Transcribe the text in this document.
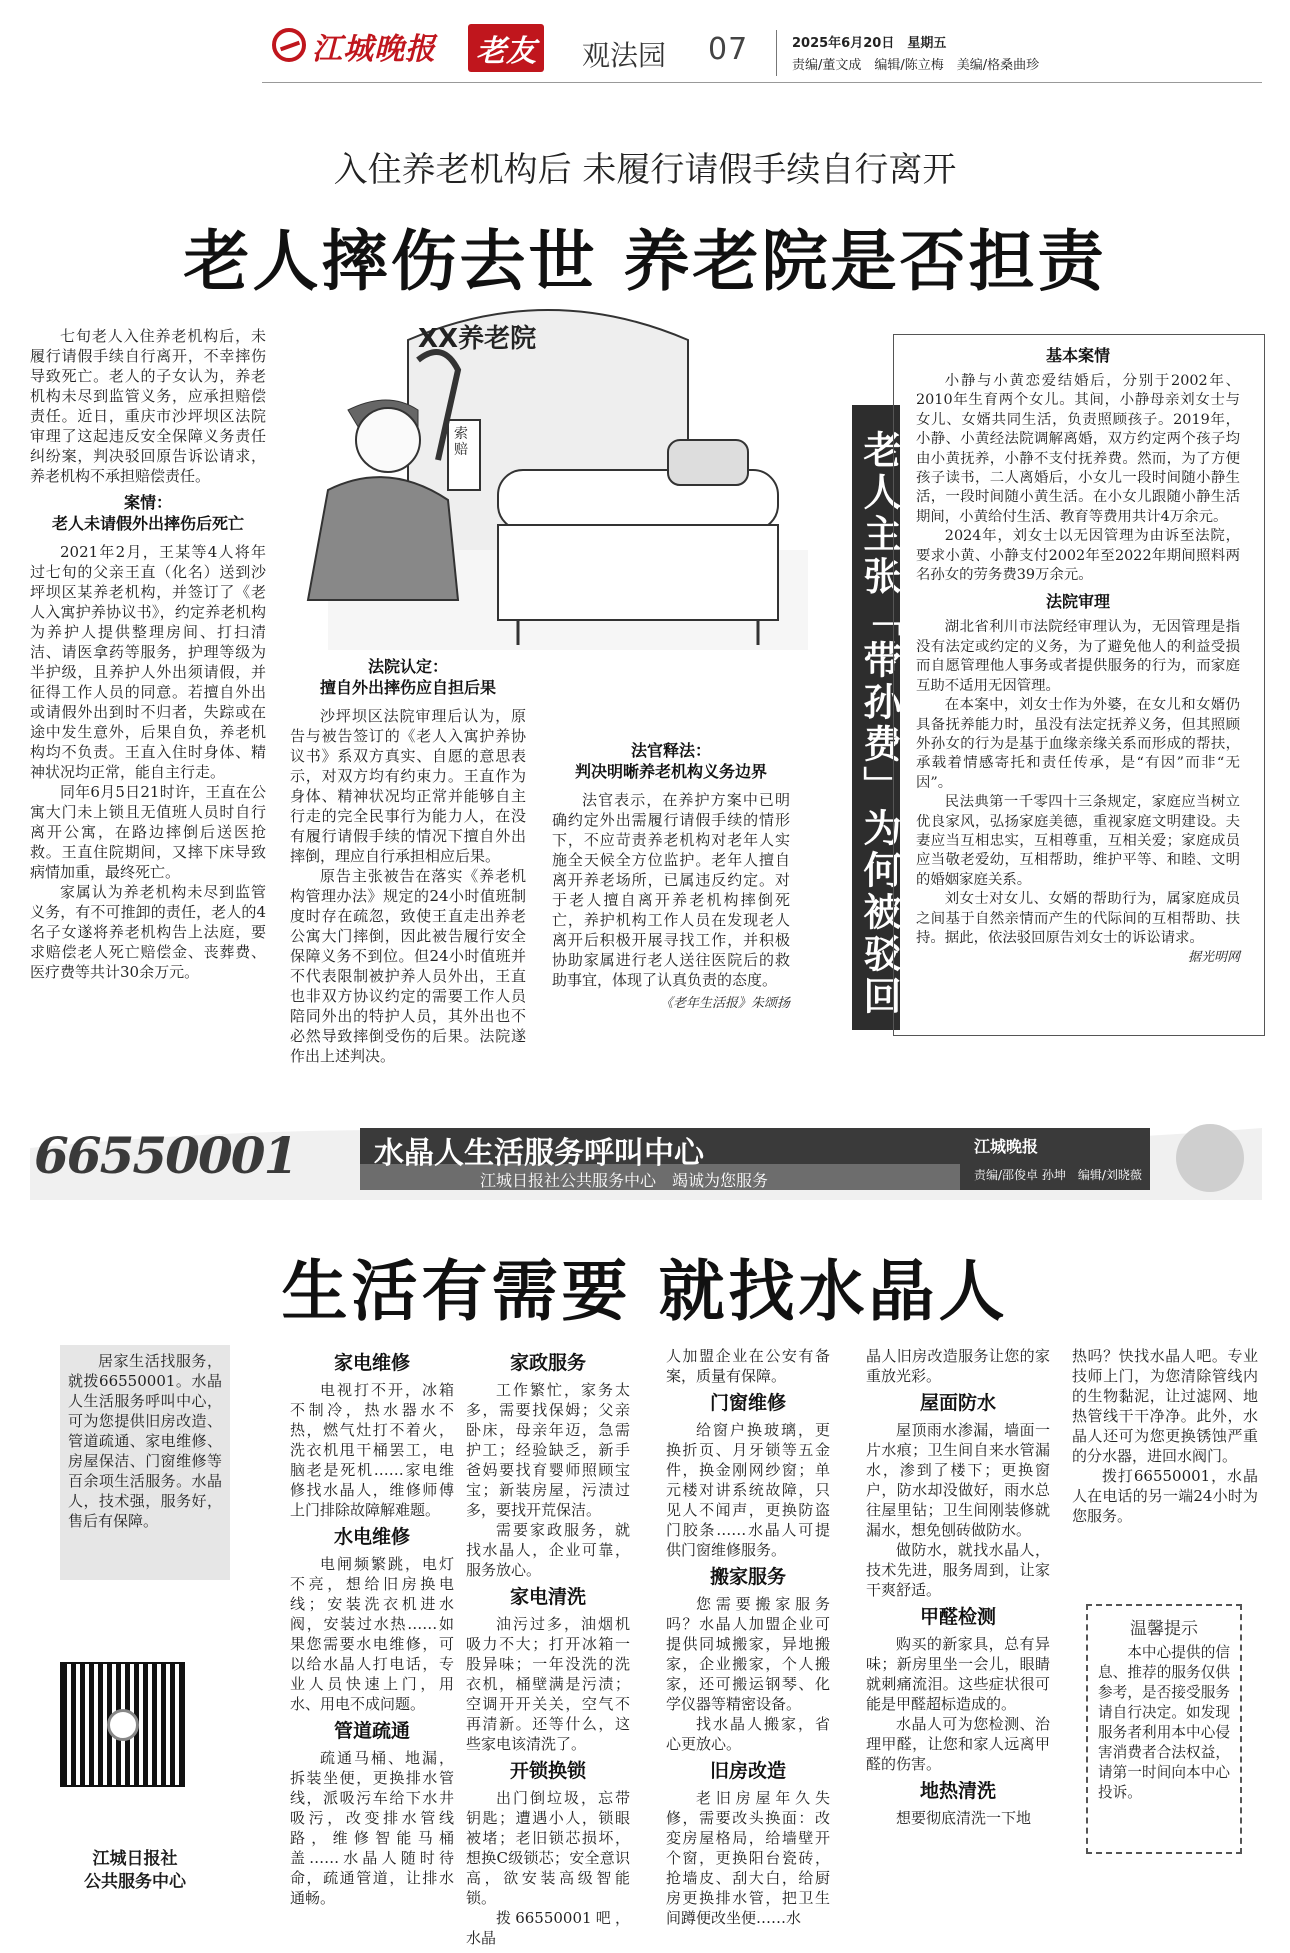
江城晚报 老友 观法园 07	2025年6月20日　星期五
责编/董文成　编辑/陈立梅　美编/格桑曲珍
入住养老机构后 未履行请假手续自行离开
老人摔伤去世 养老院是否担责
XX养老院
索赔

七旬老人入住养老机构后，未履行请假手续自行离开，不幸摔伤导致死亡。老人的子女认为，养老机构未尽到监管义务，应承担赔偿责任。近日，重庆市沙坪坝区法院审理了这起违反安全保障义务责任纠纷案，判决驳回原告诉讼请求，养老机构不承担赔偿责任。

案情：
老人未请假外出摔伤后死亡

2021年2月，王某等4人将年过七旬的父亲王直（化名）送到沙坪坝区某养老机构，并签订了《老人入寓护养协议书》，约定养老机构为养护人提供整理房间、打扫清洁、请医拿药等服务，护理等级为半护级，且养护人外出须请假，并征得工作人员的同意。若擅自外出或请假外出到时不归者，失踪或在途中发生意外，后果自负，养老机构均不负责。王直入住时身体、精神状况均正常，能自主行走。

同年6月5日21时许，王直在公寓大门未上锁且无值班人员时自行离开公寓，在路边摔倒后送医抢救。王直住院期间，又摔下床导致病情加重，最终死亡。

家属认为养老机构未尽到监管义务，有不可推卸的责任，老人的4名子女遂将养老机构告上法庭，要求赔偿老人死亡赔偿金、丧葬费、医疗费等共计30余万元。

法院认定：
擅自外出摔伤应自担后果

沙坪坝区法院审理后认为，原告与被告签订的《老人入寓护养协议书》系双方真实、自愿的意思表示，对双方均有约束力。王直作为身体、精神状况均正常并能够自主行走的完全民事行为能力人，在没有履行请假手续的情况下擅自外出摔倒，理应自行承担相应后果。

原告主张被告在落实《养老机构管理办法》规定的24小时值班制度时存在疏忽，致使王直走出养老公寓大门摔倒，因此被告履行安全保障义务不到位。但24小时值班并不代表限制被护养人员外出，王直也非双方协议约定的需要工作人员陪同外出的特护人员，其外出也不必然导致摔倒受伤的后果。法院遂作出上述判决。

法官释法：
判决明晰养老机构义务边界

法官表示，在养护方案中已明确约定外出需履行请假手续的情形下，不应苛责养老机构对老年人实施全天候全方位监护。老年人擅自离开养老场所，已属违反约定。对于老人擅自离开养老机构摔倒死亡，养护机构工作人员在发现老人离开后积极开展寻找工作，并积极协助家属进行老人送往医院后的救助事宜，体现了认真负责的态度。

《老年生活报》朱颂扬 老人主张「带孙费」为何被驳回
基本案情

小静与小黄恋爱结婚后，分别于2002年、2010年生育两个女儿。其间，小静母亲刘女士与女儿、女婿共同生活，负责照顾孩子。2019年，小静、小黄经法院调解离婚，双方约定两个孩子均由小黄抚养，小静不支付抚养费。然而，为了方便孩子读书，二人离婚后，小女儿一段时间随小静生活，一段时间随小黄生活。在小女儿跟随小静生活期间，小黄给付生活、教育等费用共计4万余元。

2024年，刘女士以无因管理为由诉至法院，要求小黄、小静支付2002年至2022年期间照料两名孙女的劳务费39万余元。

法院审理

湖北省利川市法院经审理认为，无因管理是指没有法定或约定的义务，为了避免他人的利益受损而自愿管理他人事务或者提供服务的行为，而家庭互助不适用无因管理。

在本案中，刘女士作为外婆，在女儿和女婿仍具备抚养能力时，虽没有法定抚养义务，但其照顾外孙女的行为是基于血缘亲缘关系而形成的帮扶，承载着情感寄托和责任传承，是“有因”而非“无因”。

民法典第一千零四十三条规定，家庭应当树立优良家风，弘扬家庭美德，重视家庭文明建设。夫妻应当互相忠实，互相尊重，互相关爱；家庭成员应当敬老爱幼，互相帮助，维护平等、和睦、文明的婚姻家庭关系。

刘女士对女儿、女婿的帮助行为，属家庭成员之间基于自然亲情而产生的代际间的互相帮助、扶持。据此，依法驳回原告刘女士的诉讼请求。

据光明网
66550001	水晶人生活服务呼叫中心
江城日报社公共服务中心　竭诚为您服务
江城晚报
责编/邵俊卓 孙坤　编辑/刘晓薇
生活有需要 就找水晶人

居家生活找服务，就拨66550001。水晶人生活服务呼叫中心，可为您提供旧房改造、管道疏通、家电维修、房屋保洁、门窗维修等百余项生活服务。水晶人，技术强，服务好，售后有保障。

江城日报社
公共服务中心
家电维修

电视打不开，冰箱不制冷，热水器水不热，燃气灶打不着火，洗衣机甩干桶罢工，电脑老是死机……家电维修找水晶人，维修师傅上门排除故障解难题。

水电维修

电闸频繁跳，电灯不亮，想给旧房换电线；安装洗衣机进水阀，安装过水热……如果您需要水电维修，可以给水晶人打电话，专业人员快速上门，用水、用电不成问题。

管道疏通

疏通马桶、地漏，拆装坐便，更换排水管线，派吸污车给下水井吸污，改变排水管线路，维修智能马桶盖……水晶人随时待命，疏通管道，让排水通畅。

家政服务

工作繁忙，家务太多，需要找保姆；父亲卧床，母亲年迈，急需护工；经验缺乏，新手爸妈要找育婴师照顾宝宝；新装房屋，污渍过多，要找开荒保洁。

需要家政服务，就找水晶人，企业可靠，服务放心。

家电清洗

油污过多，油烟机吸力不大；打开冰箱一股异味；一年没洗的洗衣机，桶壁满是污渍；空调开开关关，空气不再清新。还等什么，这些家电该清洗了。

开锁换锁

出门倒垃圾，忘带钥匙；遭遇小人，锁眼被堵；老旧锁芯损坏，想换C级锁芯；安全意识高，欲安装高级智能锁。

拨66550001吧，水晶

人加盟企业在公安有备案，质量有保障。
门窗维修

给窗户换玻璃，更换折页、月牙锁等五金件，换金刚网纱窗；单元楼对讲系统故障，只见人不闻声，更换防盗门胶条……水晶人可提供门窗维修服务。

搬家服务

您需要搬家服务吗？水晶人加盟企业可提供同城搬家，异地搬家，企业搬家，个人搬家，还可搬运钢琴、化学仪器等精密设备。

找水晶人搬家，省心更放心。

旧房改造

老旧房屋年久失修，需要改头换面：改変房屋格局，给墙壁开个窗，更换阳台瓷砖，抢墙皮、刮大白，给厨房更换排水管，把卫生间蹲便改坐便……水

晶人旧房改造服务让您的家重放光彩。
屋面防水

屋顶雨水渗漏，墙面一片水痕；卫生间自来水管漏水，渗到了楼下；更换窗户，防水却没做好，雨水总往屋里钻；卫生间刚装修就漏水，想免刨砖做防水。

做防水，就找水晶人，技术先进，服务周到，让家干爽舒适。

甲醛检测

购买的新家具，总有异味；新房里坐一会儿，眼睛就刺痛流泪。这些症状很可能是甲醛超标造成的。

水晶人可为您检测、治理甲醛，让您和家人远离甲醛的伤害。

地热清洗

想要彻底清洗一下地

热吗？快找水晶人吧。专业技师上门，为您清除管线内的生物黏泥，让过滤网、地热管线干干净净。此外，水晶人还可为您更换锈蚀严重的分水器，进回水阀门。

拨打66550001，水晶人在电话的另一端24小时为您服务。

温馨提示

本中心提供的信息、推荐的服务仅供参考，是否接受服务请自行决定。如发现服务者利用本中心侵害消费者合法权益，请第一时间向本中心投诉。
